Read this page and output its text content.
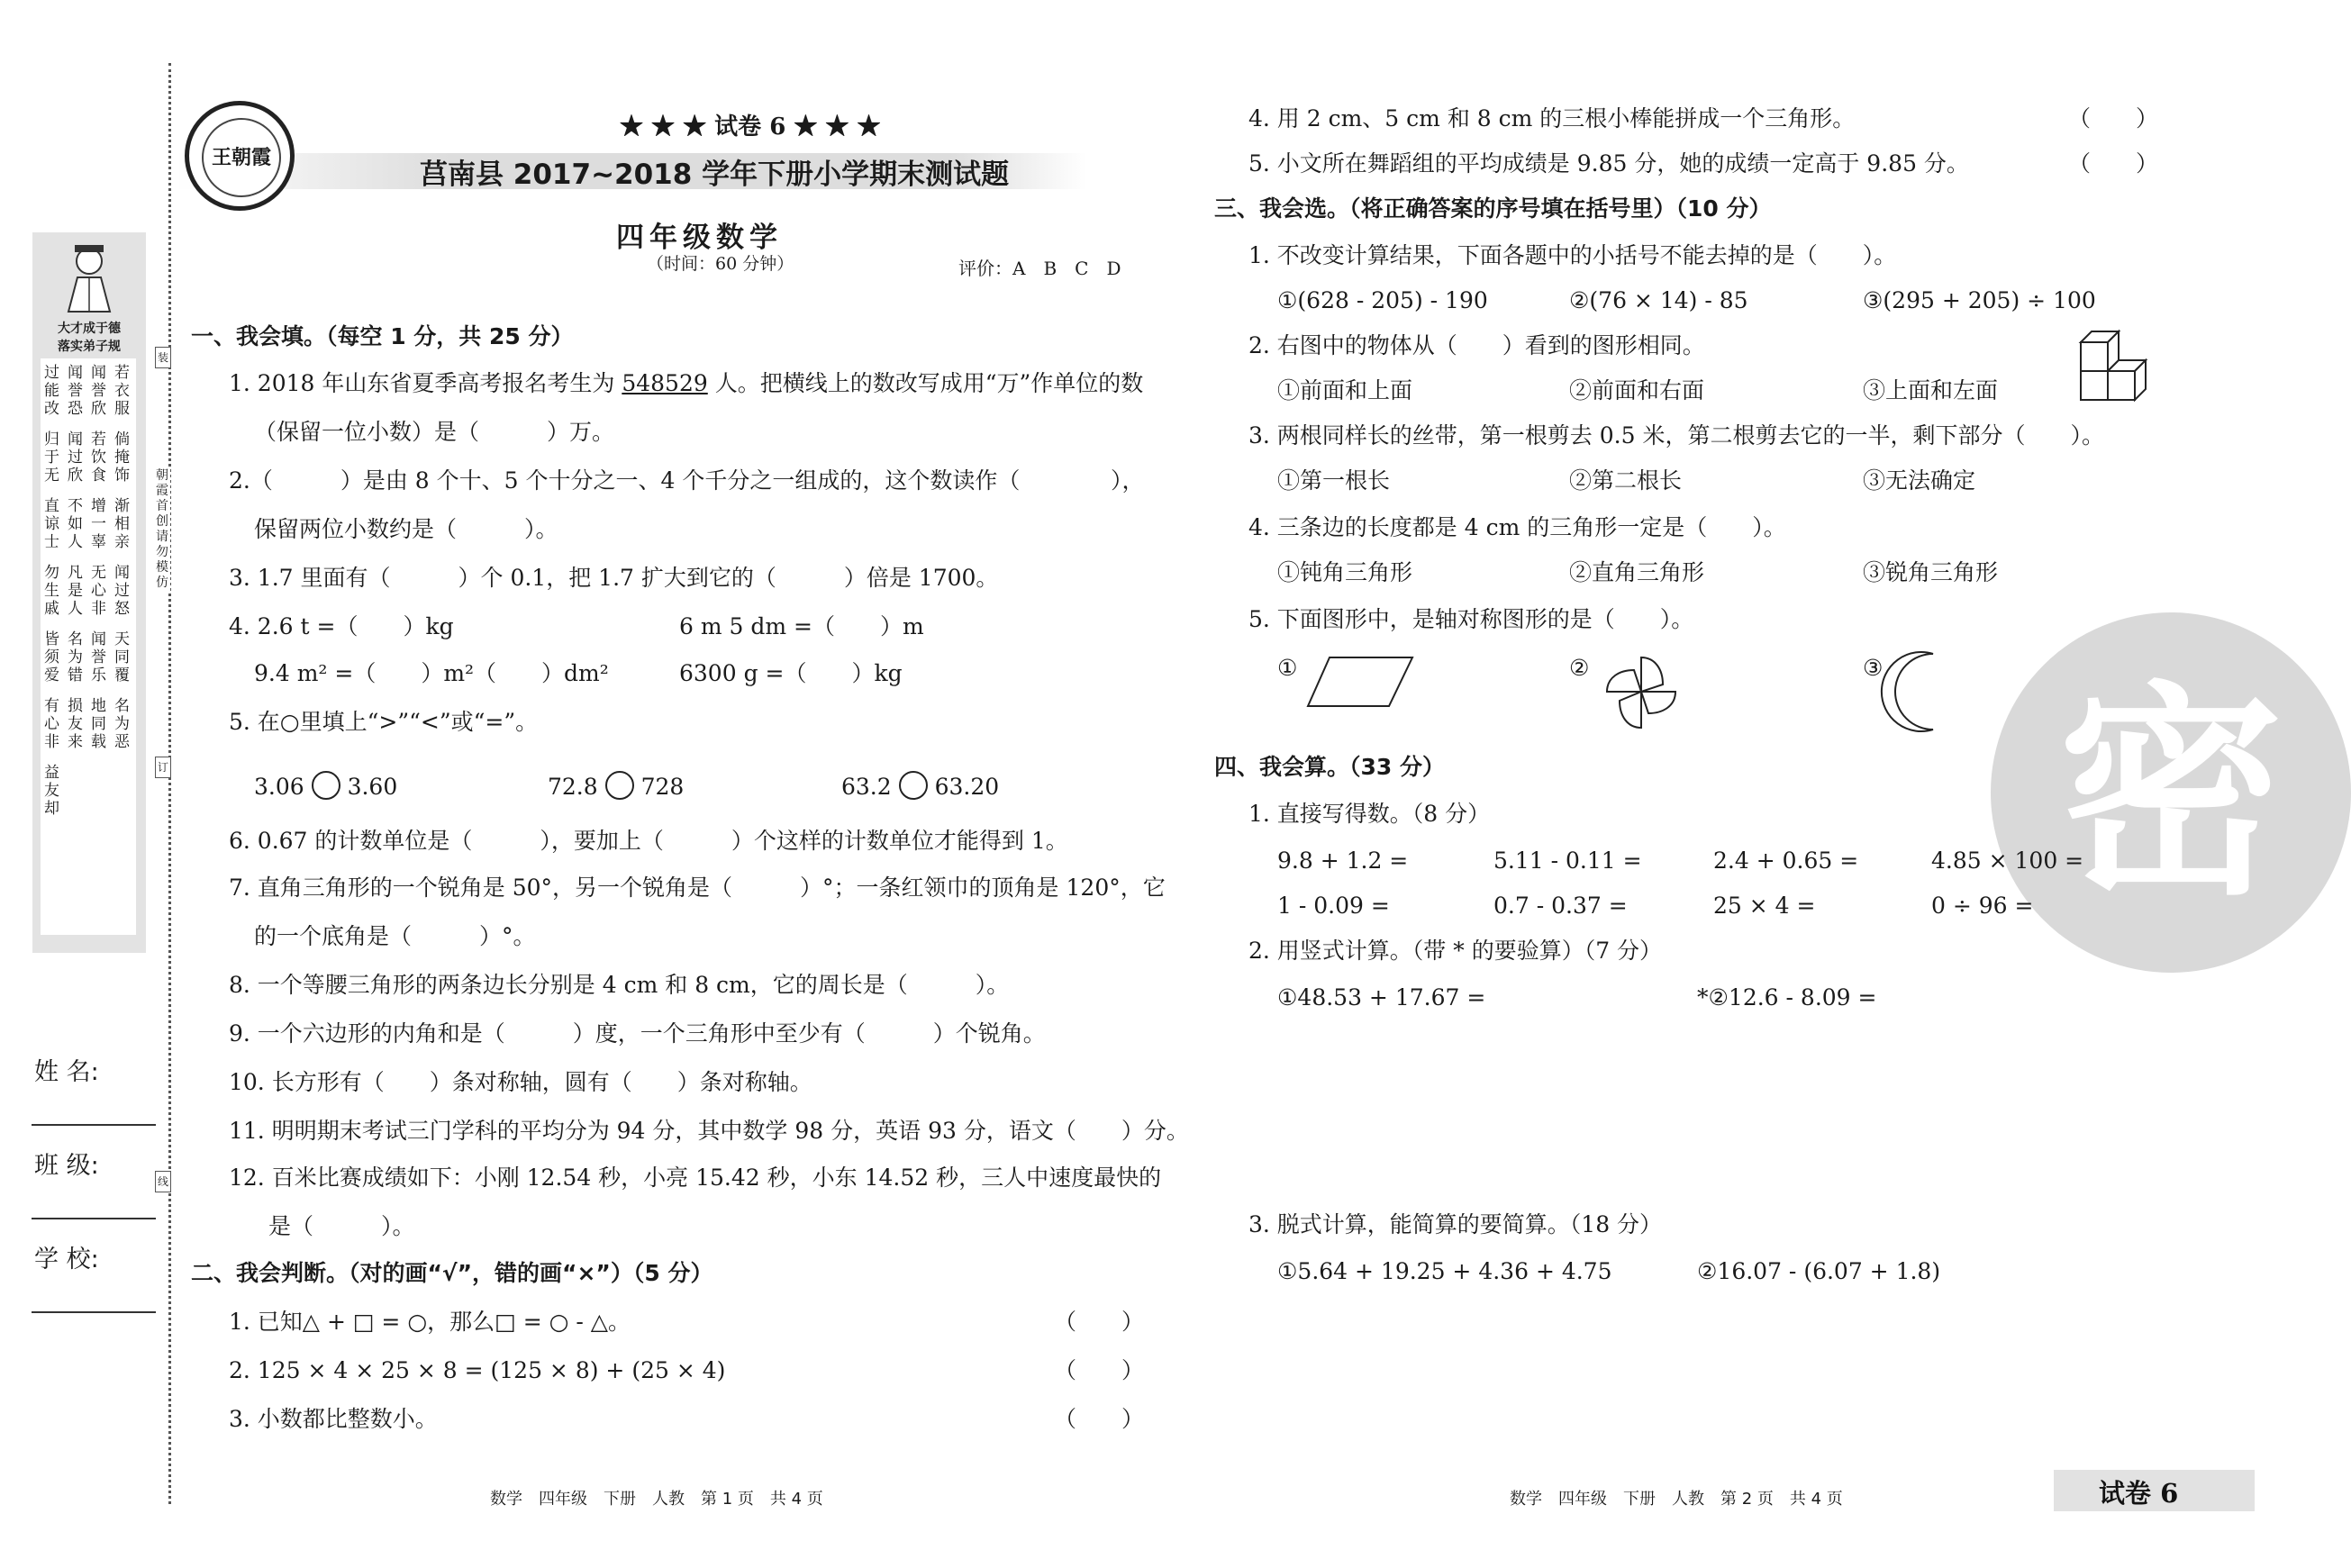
大才成于德
落实弟子规
过能改
闻誉恐
闻誉欣
若衣服
归于无
闻过欣
若饮食
倘掩饰
直谅士
不如人
增一辜
渐相亲
勿生戚
凡是人
无心非
闻过怒
皆须爱
名为错
闻誉乐
天同覆
有心非
损友来
地同载
名为恶
益友却
姓 名:
班 级:
学 校:
装
朝霞首创 请勿模仿
订
线
王朝霞
★ ★ ★ 试卷 6 ★ ★ ★
莒南县 2017~2018 学年下册小学期末测试题
四年级数学
（时间：60 分钟）	评价：A　B　C　D
一、我会填。（每空 1 分，共 25 分）
1. 2018 年山东省夏季高考报名考生为 548529 人。把横线上的数改写成用“万”作单位的数
（保留一位小数）是（　　　）万。
2.（　　　）是由 8 个十、5 个十分之一、4 个千分之一组成的，这个数读作（	），
保留两位小数约是（　　　）。
3. 1.7 里面有（　　　）个 0.1，把 1.7 扩大到它的（　　　）倍是 1700。
4. 2.6 t =（　　）kg	6 m 5 dm =（　　）m
9.4 m² =（　　）m²（　　）dm²	6300 g =（　　）kg
5. 在○里填上“>”“<”或“=”。
3.06 3.60	72.8 728	63.2 63.20
6. 0.67 的计数单位是（　　　），要加上（　　　）个这样的计数单位才能得到 1。
7. 直角三角形的一个锐角是 50°，另一个锐角是（　　　）°；一条红领巾的顶角是 120°，它
的一个底角是（　　　）°。
8. 一个等腰三角形的两条边长分别是 4 cm 和 8 cm，它的周长是（　　　）。
9. 一个六边形的内角和是（　　　）度，一个三角形中至少有（　　　）个锐角。
10. 长方形有（　　）条对称轴，圆有（　　）条对称轴。
11. 明明期末考试三门学科的平均分为 94 分，其中数学 98 分，英语 93 分，语文（　　）分。
12. 百米比赛成绩如下：小刚 12.54 秒，小亮 15.42 秒，小东 14.52 秒，三人中速度最快的
是（　　　）。
二、我会判断。（对的画“√”，错的画“×”）（5 分）
1. 已知△ + □ = ○，那么□ = ○ - △。	（　　）
2. 125 × 4 × 25 × 8 = (125 × 8) + (25 × 4)	（　　）
3. 小数都比整数小。	（　　）
数学　四年级　下册　人教　第 1 页　共 4 页
密
4. 用 2 cm、5 cm 和 8 cm 的三根小棒能拼成一个三角形。	（　　）
5. 小文所在舞蹈组的平均成绩是 9.85 分，她的成绩一定高于 9.85 分。	（　　）
三、我会选。（将正确答案的序号填在括号里）（10 分）
1. 不改变计算结果，下面各题中的小括号不能去掉的是（　　）。
①(628 - 205) - 190	②(76 × 14) - 85	③(295 + 205) ÷ 100
2. 右图中的物体从（　　）看到的图形相同。
①前面和上面	②前面和右面	③上面和左面
3. 两根同样长的丝带，第一根剪去 0.5 米，第二根剪去它的一半，剩下部分（　　）。
①第一根长	②第二根长	③无法确定
4. 三条边的长度都是 4 cm 的三角形一定是（　　）。
①钝角三角形	②直角三角形	③锐角三角形
5. 下面图形中，是轴对称图形的是（　　）。
①	②	③
四、我会算。（33 分）
1. 直接写得数。（8 分）
9.8 + 1.2 =	5.11 - 0.11 =	2.4 + 0.65 =	4.85 × 100 =
1 - 0.09 =	0.7 - 0.37 =	25 × 4 =	0 ÷ 96 =
2. 用竖式计算。（带 * 的要验算）（7 分）
①48.53 + 17.67 =	*②12.6 - 8.09 =
3. 脱式计算，能简算的要简算。（18 分）
①5.64 + 19.25 + 4.36 + 4.75	②16.07 - (6.07 + 1.8)
数学　四年级　下册　人教　第 2 页　共 4 页	试卷 6
